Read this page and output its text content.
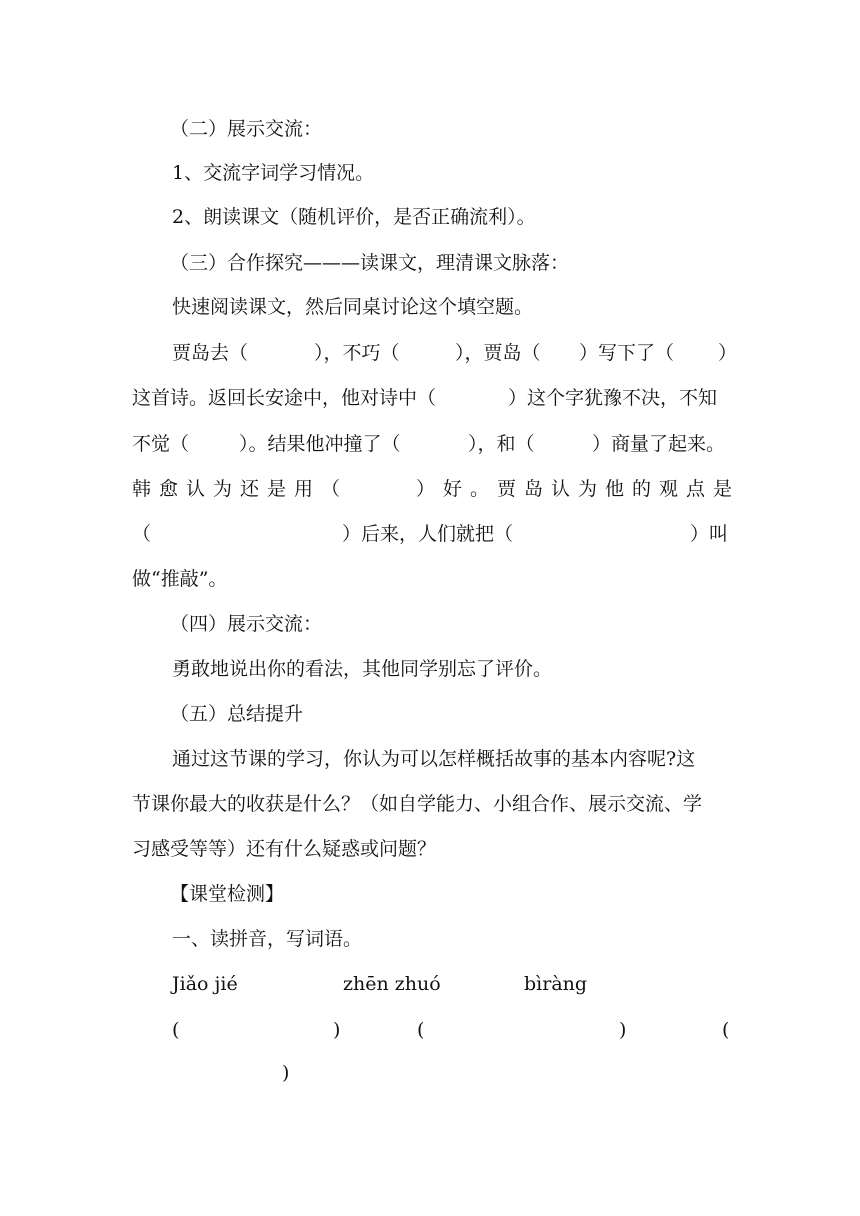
（二）展示交流：
1、交流字词学习情况。
2、朗读课文（随机评价，是否正确流利）。
（三）合作探究———读课文，理清课文脉落：
快速阅读课文，然后同桌讨论这个填空题。
贾岛去（	），不巧（	），贾岛（ ）写下了（ ）
这首诗。返回长安途中，他对诗中（	）这个字犹豫不决，不知
不觉（	）。结果他冲撞了（	），和（	）商量了起来。
韩 愈 认 为 还 是 用 （	） 好 。 贾 岛 认 为 他 的 观 点 是
（	）后来，人们就把（	）叫
做“推敲”。
（四）展示交流：
勇敢地说出你的看法，其他同学别忘了评价。
（五）总结提升
通过这节课的学习，你认为可以怎样概括故事的基本内容呢?这
节课你最大的收获是什么？（如自学能力、小组合作、展示交流、学
习感受等等）还有什么疑惑或问题？
【课堂检测】
一、读拼音，写词语。
Jiǎo jié	zhēn zhuó	bìràng
(	)	(	)	(
)
